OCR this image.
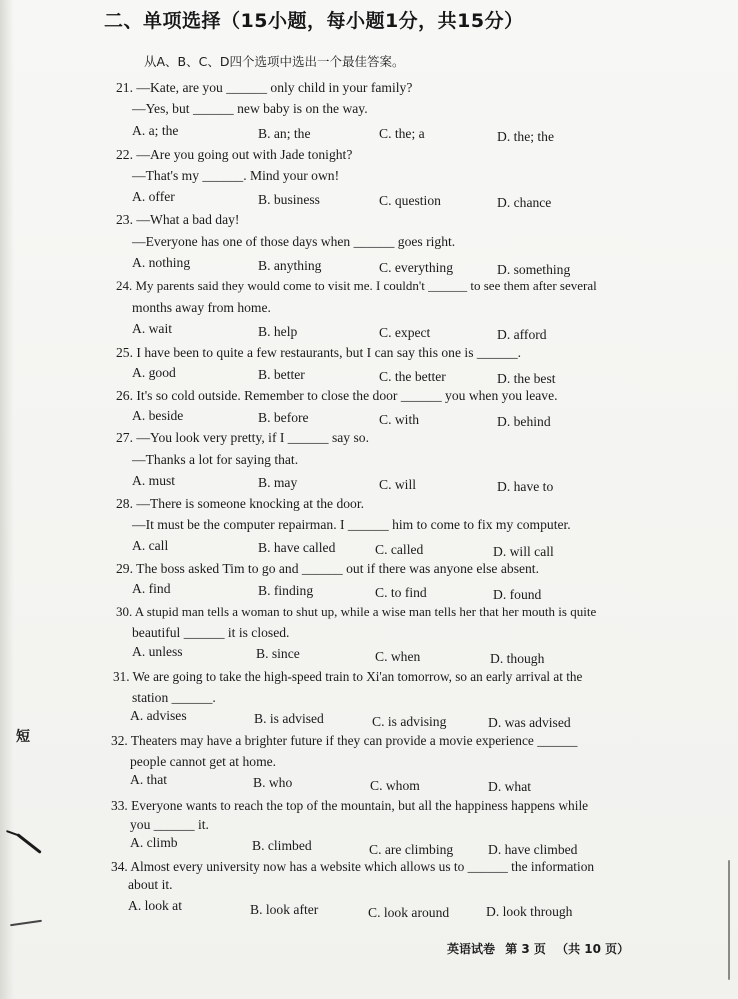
二、单项选择（15小题，每小题1分，共15分）
从A、B、C、D四个选项中选出一个最佳答案。
21. —Kate, are you ______ only child in your family?
—Yes, but ______ new baby is on the way.
A. a; the	B. an; the	C. the; a	D. the; the
22. —Are you going out with Jade tonight?
—That's my ______. Mind your own!
A. offer	B. business	C. question	D. chance
23. —What a bad day!
—Everyone has one of those days when ______ goes right.
A. nothing	B. anything	C. everything	D. something
24. My parents said they would come to visit me. I couldn't ______ to see them after several
months away from home.
A. wait	B. help	C. expect	D. afford
25. I have been to quite a few restaurants, but I can say this one is ______.
A. good	B. better	C. the better	D. the best
26. It's so cold outside. Remember to close the door ______ you when you leave.
A. beside	B. before	C. with	D. behind
27. —You look very pretty, if I ______ say so.
—Thanks a lot for saying that.
A. must	B. may	C. will	D. have to
28. —There is someone knocking at the door.
—It must be the computer repairman. I ______ him to come to fix my computer.
A. call	B. have called	C. called	D. will call
29. The boss asked Tim to go and ______ out if there was anyone else absent.
A. find	B. finding	C. to find	D. found
30. A stupid man tells a woman to shut up, while a wise man tells her that her mouth is quite
beautiful ______ it is closed.
A. unless	B. since	C. when	D. though
31. We are going to take the high-speed train to Xi'an tomorrow, so an early arrival at the
station ______.
A. advises	B. is advised	C. is advising	D. was advised
32. Theaters may have a brighter future if they can provide a movie experience ______
people cannot get at home.
A. that	B. who	C. whom	D. what
33. Everyone wants to reach the top of the mountain, but all the happiness happens while
you ______ it.
A. climb	B. climbed	C. are climbing	D. have climbed
34. Almost every university now has a website which allows us to ______ the information
about it.
A. look at	B. look after	C. look around	D. look through
短
英语试卷 第 3 页 （共 10 页）
